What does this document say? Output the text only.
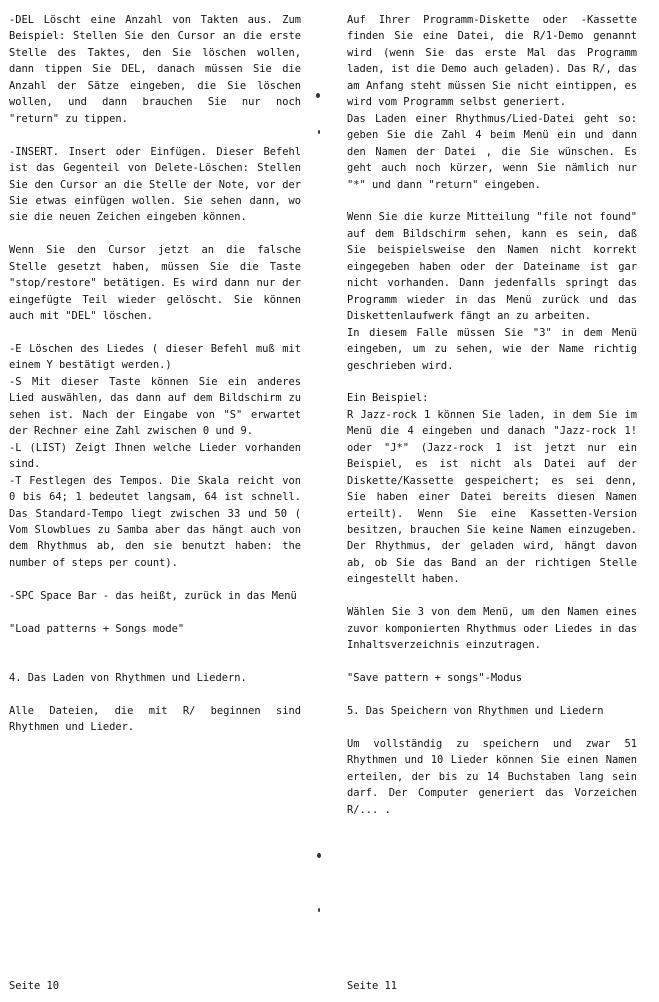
-DEL Löscht eine Anzahl von Takten aus. Zum Beispiel: Stellen Sie den Cursor an die erste Stelle des Taktes, den Sie löschen wollen, dann tippen Sie DEL, danach müssen Sie die Anzahl der Sätze eingeben, die Sie löschen wollen, und dann brauchen Sie nur noch "return" zu tippen.

-INSERT. Insert oder Einfügen. Dieser Befehl ist das Gegenteil von Delete-Löschen: Stellen Sie den Cursor an die Stelle der Note, vor der Sie etwas einfügen wollen. Sie sehen dann, wo sie die neuen Zeichen eingeben können.

Wenn Sie den Cursor jetzt an die falsche Stelle gesetzt haben, müssen Sie die Taste "stop/restore" betätigen. Es wird dann nur der eingefügte Teil wieder gelöscht. Sie können auch mit "DEL" löschen.

-E Löschen des Liedes ( dieser Befehl muß mit einem Y bestätigt werden.)

-S Mit dieser Taste können Sie ein anderes Lied auswählen, das dann auf dem Bildschirm zu sehen ist. Nach der Eingabe von "S" erwartet der Rechner eine Zahl zwischen 0 und 9.

-L (LIST) Zeigt Ihnen welche Lieder vorhanden sind.

-T Festlegen des Tempos. Die Skala reicht von 0 bis 64; 1 bedeutet langsam, 64 ist schnell. Das Standard-Tempo liegt zwischen 33 und 50 ( Vom Slowblues zu Samba aber das hängt auch von dem Rhythmus ab, den sie benutzt haben: the number of steps per count).

-SPC Space Bar - das heißt, zurück in das Menü

"Load patterns + Songs mode"

4. Das Laden von Rhythmen und Liedern.

Alle Dateien, die mit R/ beginnen sind Rhythmen und Lieder.

Auf Ihrer Programm-Diskette oder -Kassette finden Sie eine Datei, die R/1-Demo genannt wird (wenn Sie das erste Mal das Programm laden, ist die Demo auch geladen). Das R/, das am Anfang steht müssen Sie nicht eintippen, es wird vom Programm selbst generiert.

Das Laden einer Rhythmus/Lied-Datei geht so: geben Sie die Zahl 4 beim Menü ein und dann den Namen der Datei , die Sie wünschen. Es geht auch noch kürzer, wenn Sie nämlich nur "*" und dann "return" eingeben.

Wenn Sie die kurze Mitteilung "file not found" auf dem Bildschirm sehen, kann es sein, daß Sie beispielsweise den Namen nicht korrekt eingegeben haben oder der Dateiname ist gar nicht vorhanden. Dann jedenfalls springt das Programm wieder in das Menü zurück und das Diskettenlaufwerk fängt an zu arbeiten.

In diesem Falle müssen Sie "3" in dem Menü eingeben, um zu sehen, wie der Name richtig geschrieben wird.

Ein Beispiel:

R Jazz-rock 1 können Sie laden, in dem Sie im Menü die 4 eingeben und danach "Jazz-rock 1! oder "J*" (Jazz-rock 1 ist jetzt nur ein Beispiel, es ist nicht als Datei auf der Diskette/Kassette gespeichert; es sei denn, Sie haben einer Datei bereits diesen Namen erteilt). Wenn Sie eine Kassetten-Version besitzen, brauchen Sie keine Namen einzugeben. Der Rhythmus, der geladen wird, hängt davon ab, ob Sie das Band an der richtigen Stelle eingestellt haben.

Wählen Sie 3 von dem Menü, um den Namen eines zuvor komponierten Rhythmus oder Liedes in das Inhaltsverzeichnis einzutragen.

"Save pattern + songs"-Modus

5. Das Speichern von Rhythmen und Liedern

Um vollständig zu speichern und zwar 51 Rhythmen und 10 Lieder können Sie einen Namen erteilen, der bis zu 14 Buchstaben lang sein darf. Der Computer generiert das Vorzeichen R/... .

Seite 10	Seite 11
